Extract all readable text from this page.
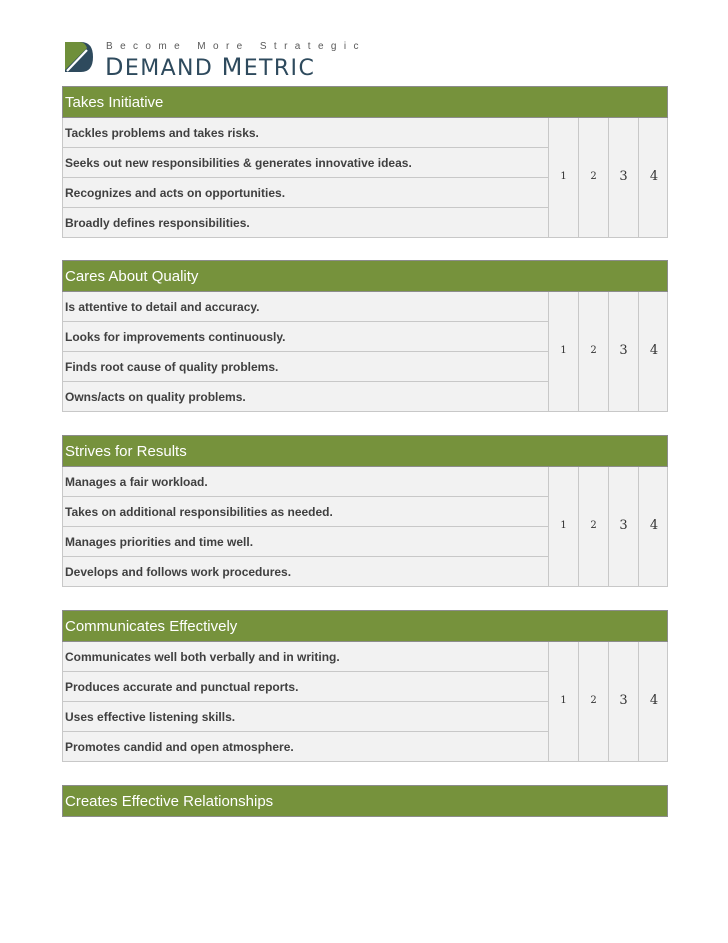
Become More Strategic
DEMAND METRIC
Takes Initiative
Tackles problems and takes risks.
Seeks out new responsibilities & generates innovative ideas.
Recognizes and acts on opportunities.
Broadly defines responsibilities.
1	2	3	4
Cares About Quality
Is attentive to detail and accuracy.
Looks for improvements continuously.
Finds root cause of quality problems.
Owns/acts on quality problems.
1	2	3	4
Strives for Results
Manages a fair workload.
Takes on additional responsibilities as needed.
Manages priorities and time well.
Develops and follows work procedures.
1	2	3	4
Communicates Effectively
Communicates well both verbally and in writing.
Produces accurate and punctual reports.
Uses effective listening skills.
Promotes candid and open atmosphere.
1	2	3	4
Creates Effective Relationships
